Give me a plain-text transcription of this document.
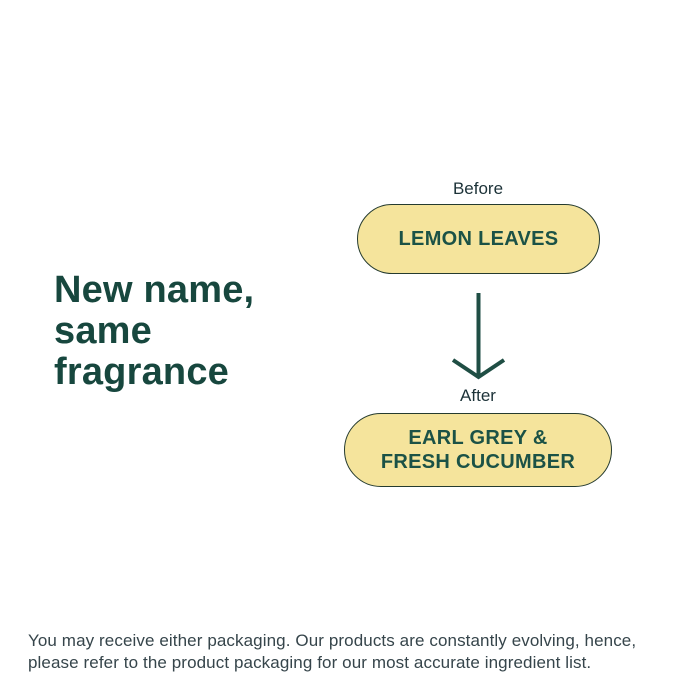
New name,
same
fragrance
Before
LEMON LEAVES
After
EARL GREY &
FRESH CUCUMBER
You may receive either packaging. Our products are constantly evolving, hence,
please refer to the product packaging for our most accurate ingredient list.
